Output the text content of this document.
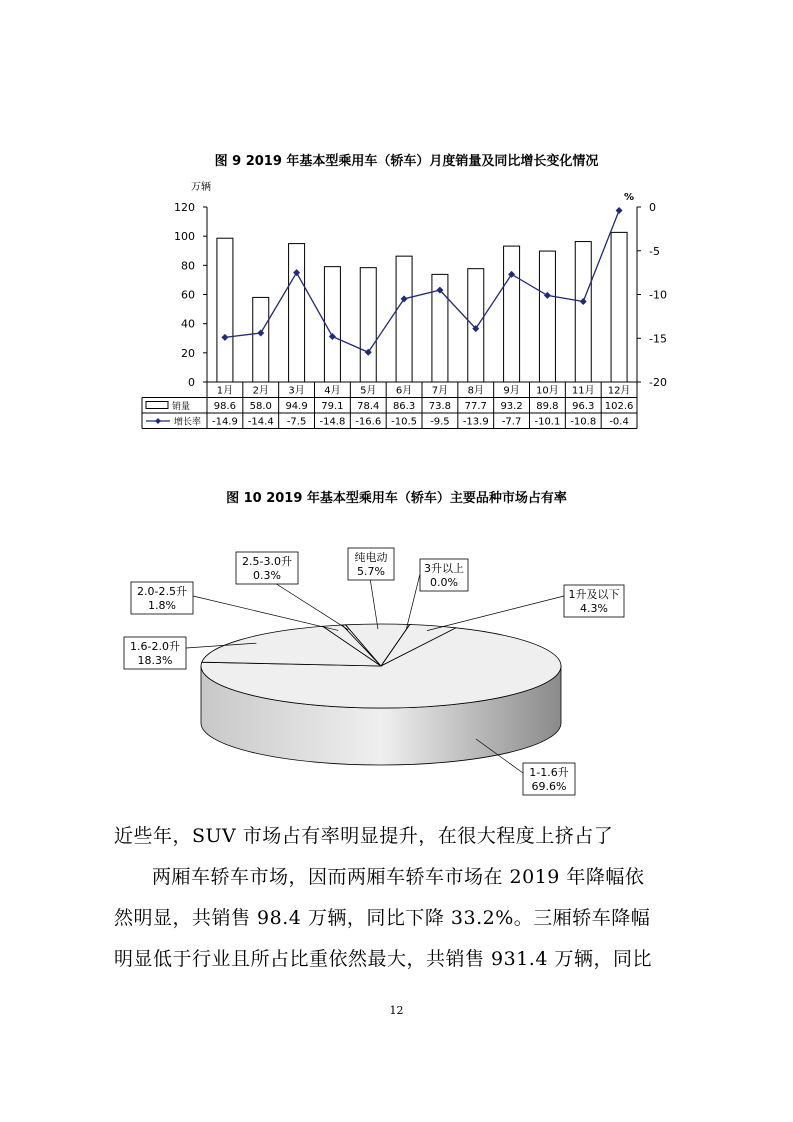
图 9 2019 年基本型乘用车（轿车）月度销量及同比增长变化情况
120
100
80
60
40
20
0
0
-5
-10
-15
-20
万辆
%
1月
98.6
-14.9
2月
58.0
-14.4
3月
94.9
-7.5
4月
79.1
-14.8
5月
78.4
-16.6
6月
86.3
-10.5
7月
73.8
-9.5
8月
77.7
-13.9
9月
93.2
-7.7
10月
89.8
-10.1
11月
96.3
-10.8
12月
102.6
-0.4
销量
增长率
图 10 2019 年基本型乘用车（轿车）主要品种市场占有率
1-1.6升
69.6%
1.6-2.0升
18.3%
2.0-2.5升
1.8%
2.5-3.0升
0.3%
纯电动
5.7%	3升以上
0.0%
1升及以下
4.3%
近些年，SUV 市场占有率明显提升，在很大程度上挤占了
两厢车轿车市场，因而两厢车轿车市场在 2019 年降幅依
然明显，共销售 98.4 万辆，同比下降 33.2%。三厢轿车降幅
明显低于行业且所占比重依然最大，共销售 931.4 万辆，同比
12
